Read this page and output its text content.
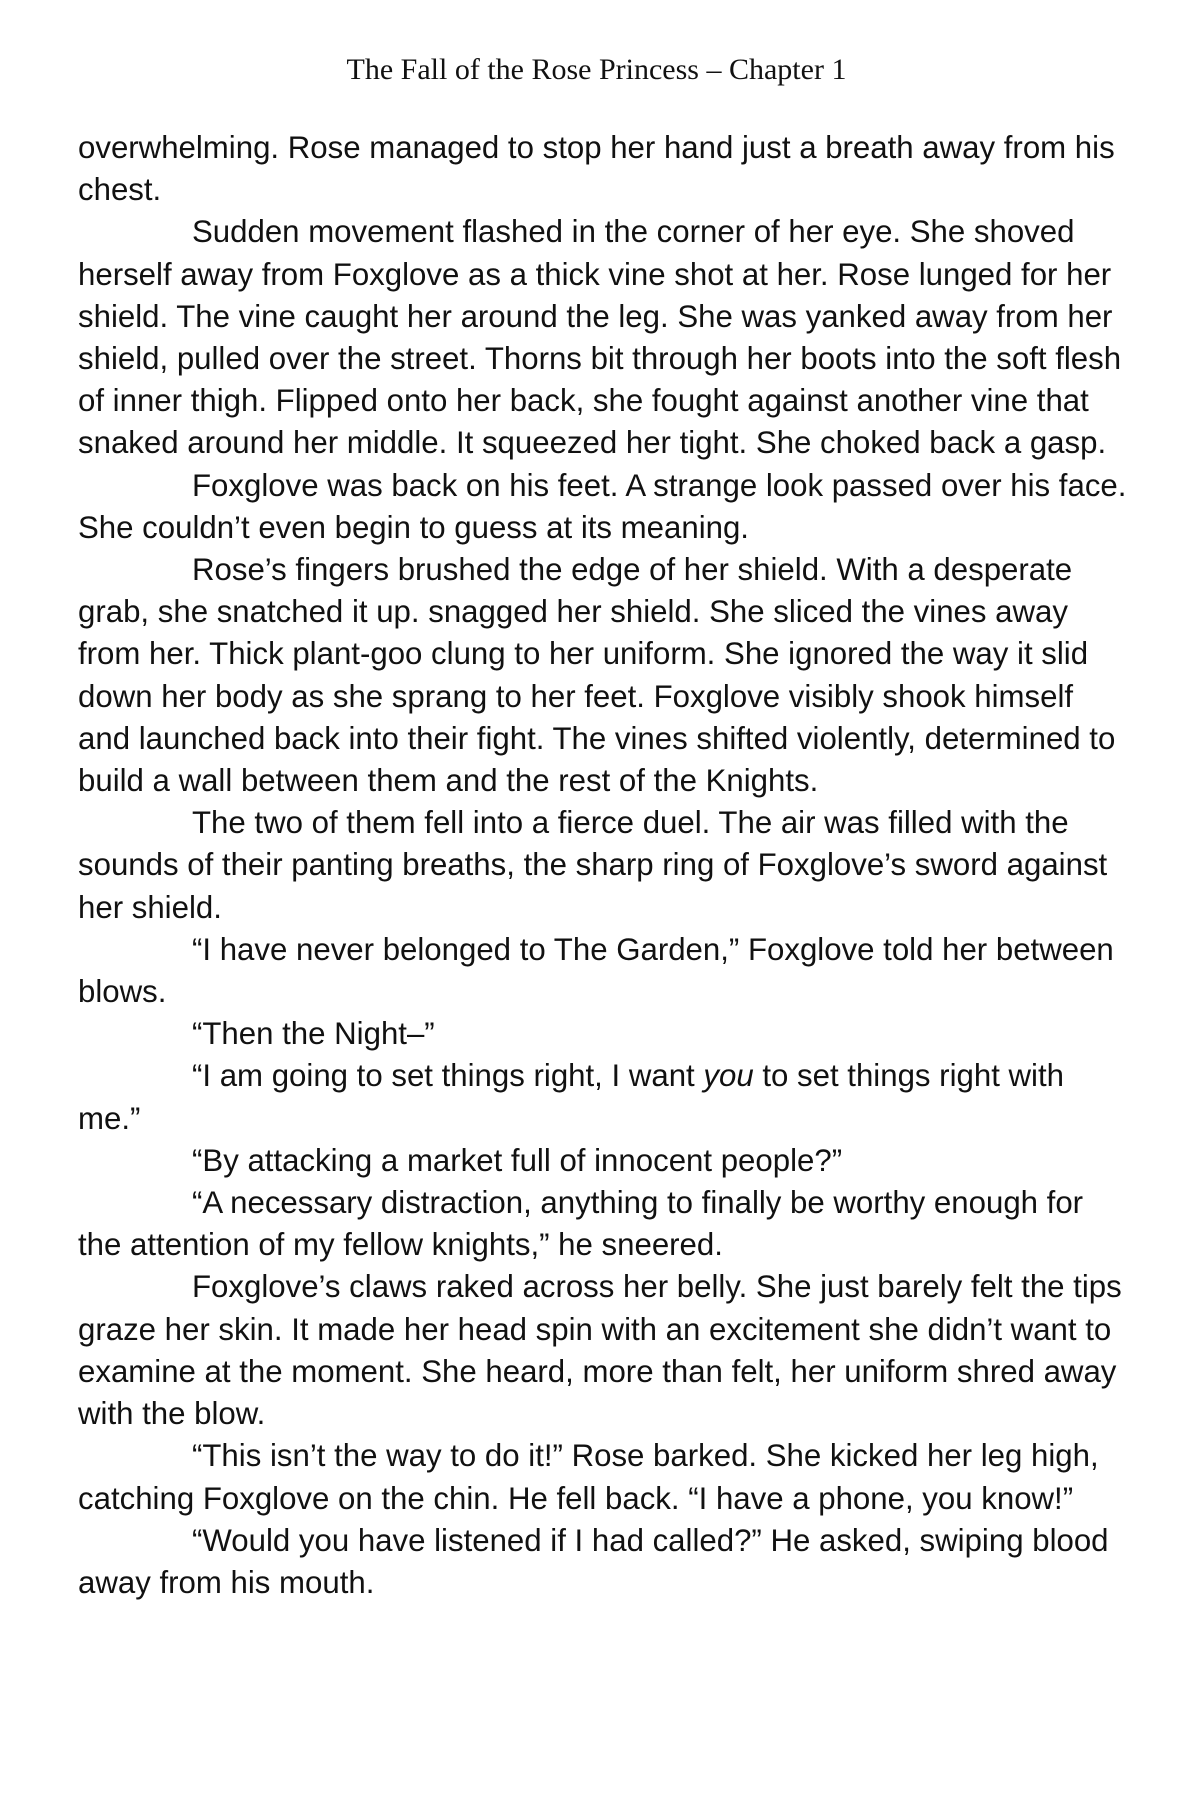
The Fall of the Rose Princess – Chapter 1

overwhelming. Rose managed to stop her hand just a breath away from his chest.

Sudden movement flashed in the corner of her eye. She shoved herself away from Foxglove as a thick vine shot at her. Rose lunged for her shield. The vine caught her around the leg. She was yanked away from her shield, pulled over the street. Thorns bit through her boots into the soft flesh of inner thigh. Flipped onto her back, she fought against another vine that snaked around her middle. It squeezed her tight. She choked back a gasp.

Foxglove was back on his feet. A strange look passed over his face. She couldn’t even begin to guess at its meaning.

Rose’s fingers brushed the edge of her shield. With a desperate grab, she snatched it up. snagged her shield. She sliced the vines away from her. Thick plant-goo clung to her uniform. She ignored the way it slid down her body as she sprang to her feet. Foxglove visibly shook himself and launched back into their fight. The vines shifted violently, determined to build a wall between them and the rest of the Knights.

The two of them fell into a fierce duel. The air was filled with the sounds of their panting breaths, the sharp ring of Foxglove’s sword against her shield.

“I have never belonged to The Garden,” Foxglove told her between blows.

“Then the Night–”

“I am going to set things right, I want you to set things right with me.”

“By attacking a market full of innocent people?”

“A necessary distraction, anything to finally be worthy enough for the attention of my fellow knights,” he sneered.

Foxglove’s claws raked across her belly. She just barely felt the tips graze her skin. It made her head spin with an excitement she didn’t want to examine at the moment. She heard, more than felt, her uniform shred away with the blow.

“This isn’t the way to do it!” Rose barked. She kicked her leg high, catching Foxglove on the chin. He fell back. “I have a phone, you know!”

“Would you have listened if I had called?” He asked, swiping blood away from his mouth.
